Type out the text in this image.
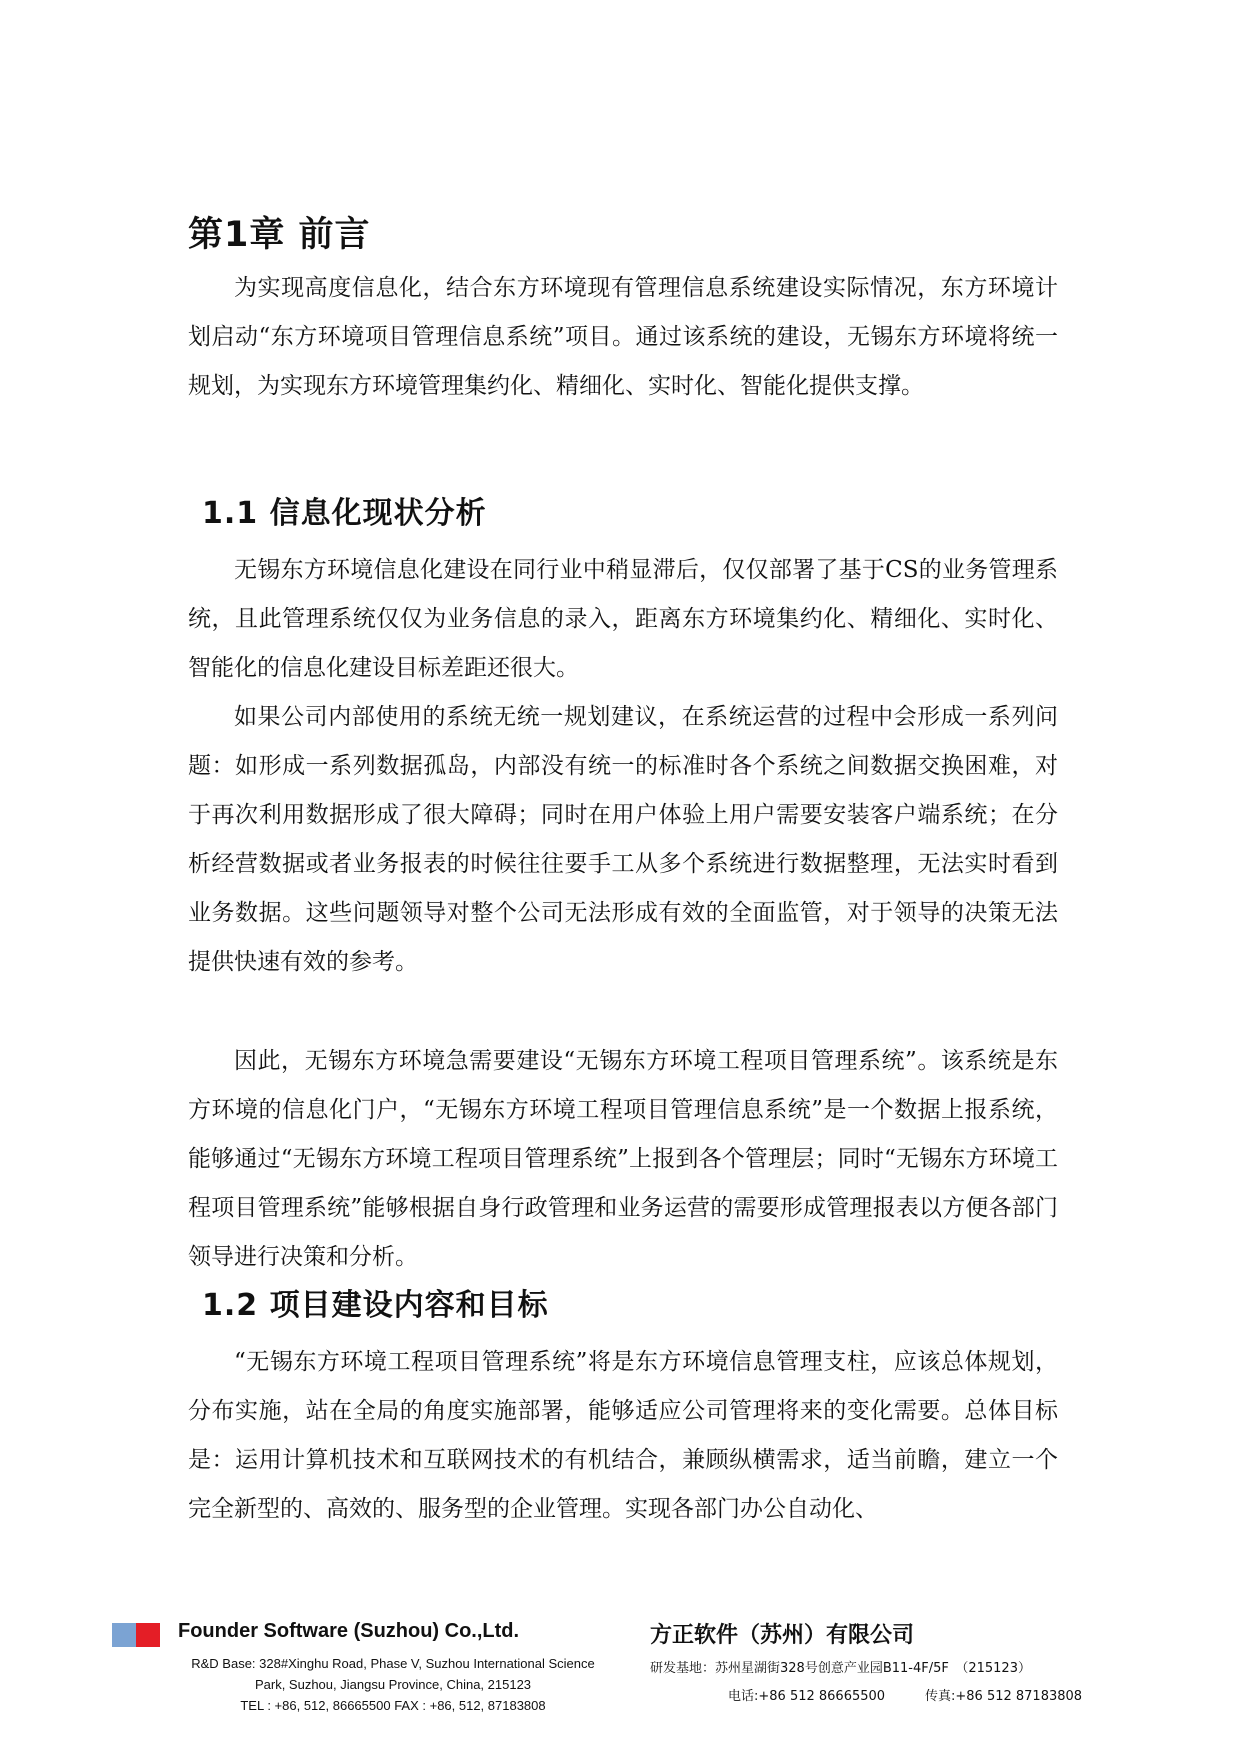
第1章 前言

为实现高度信息化，结合东方环境现有管理信息系统建设实际情况，东方环境计划启动“东方环境项目管理信息系统”项目。通过该系统的建设，无锡东方环境将统一规划，为实现东方环境管理集约化、精细化、实时化、智能化提供支撑。

1.1 信息化现状分析

无锡东方环境信息化建设在同行业中稍显滞后，仅仅部署了基于CS的业务管理系统，且此管理系统仅仅为业务信息的录入，距离东方环境集约化、精细化、实时化、智能化的信息化建设目标差距还很大。

如果公司内部使用的系统无统一规划建议，在系统运营的过程中会形成一系列问题：如形成一系列数据孤岛，内部没有统一的标准时各个系统之间数据交换困难，对于再次利用数据形成了很大障碍；同时在用户体验上用户需要安装客户端系统；在分析经营数据或者业务报表的时候往往要手工从多个系统进行数据整理，无法实时看到业务数据。这些问题领导对整个公司无法形成有效的全面监管，对于领导的决策无法提供快速有效的参考。

因此，无锡东方环境急需要建设“无锡东方环境工程项目管理系统”。该系统是东方环境的信息化门户，“无锡东方环境工程项目管理信息系统”是一个数据上报系统，能够通过“无锡东方环境工程项目管理系统”上报到各个管理层；同时“无锡东方环境工程项目管理系统”能够根据自身行政管理和业务运营的需要形成管理报表以方便各部门领导进行决策和分析。

1.2 项目建设内容和目标

“无锡东方环境工程项目管理系统”将是东方环境信息管理支柱，应该总体规划，分布实施，站在全局的角度实施部署，能够适应公司管理将来的变化需要。总体目标是：运用计算机技术和互联网技术的有机结合，兼顾纵横需求，适当前瞻，建立一个完全新型的、高效的、服务型的企业管理。实现各部门办公自动化、

Founder Software (Suzhou) Co.,Ltd.

R&D Base: 328#Xinghu Road, Phase V, Suzhou International Science
Park, Suzhou, Jiangsu Province, China, 215123
TEL : +86, 512, 86665500 FAX : +86, 512, 87183808

方正软件（苏州）有限公司

研发基地：苏州星湖街328号创意产业园B11-4F/5F　（215123）

电话:+86 512 86665500	传真:+86 512 87183808
